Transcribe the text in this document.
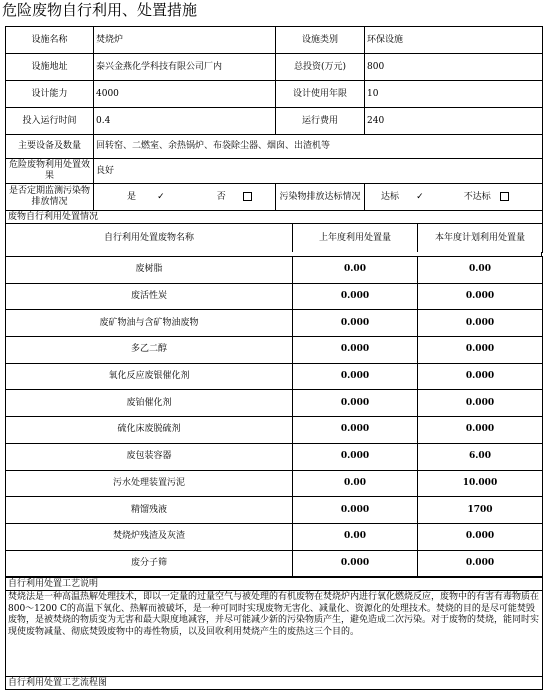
危险废物自行利用、处置措施
设施名称	焚烧炉	设施类别	环保设施
设施地址	泰兴金燕化学科技有限公司厂内	总投资(万元)	800
设计能力	4000	设计使用年限	10
投入运行时间	0.4	运行费用	240
主要设备及数量	回转窑、二燃室、余热锅炉、布袋除尘器、烟囱、出渣机等		
危险废物利用处置效果	良好		
是否定期监测污染物排放情况	是 ✓ 否	污染物排放达标情况	达标 ✓ 不达标
废物自行利用处置情况
自行利用处置废物名称	上年度利用处置量	本年度计划利用处置量
废树脂	0.00	0.00
废活性炭	0.000	0.000
废矿物油与含矿物油废物	0.000	0.000
多乙二醇	0.000	0.000
氧化反应废银催化剂	0.000	0.000
废铂催化剂	0.000	0.000
硫化床废脱硫剂	0.000	0.000
废包装容器	0.000	6.00
污水处理装置污泥	0.00	10.000
精馏残液	0.000	1700
焚烧炉残渣及灰渣	0.00	0.000
废分子筛	0.000	0.000
自行利用处置工艺说明
焚烧法是一种高温热解处理技术，即以一定量的过量空气与被处理的有机废物在焚烧炉内进行氧化燃烧反应，废物中的有害有毒物质在800～1200 C的高温下氧化、热解而被破坏，是一种可同时实现废物无害化、减量化、资源化的处理技术。焚烧的目的是尽可能焚毁废物，是被焚烧的物质变为无害和最大限度地减容，并尽可能减少新的污染物质产生，避免造成二次污染。对于废物的焚烧，能同时实现使废物减量、彻底焚毁废物中的毒性物质，以及回收利用焚烧产生的废热这三个目的。
自行利用处置工艺流程图
